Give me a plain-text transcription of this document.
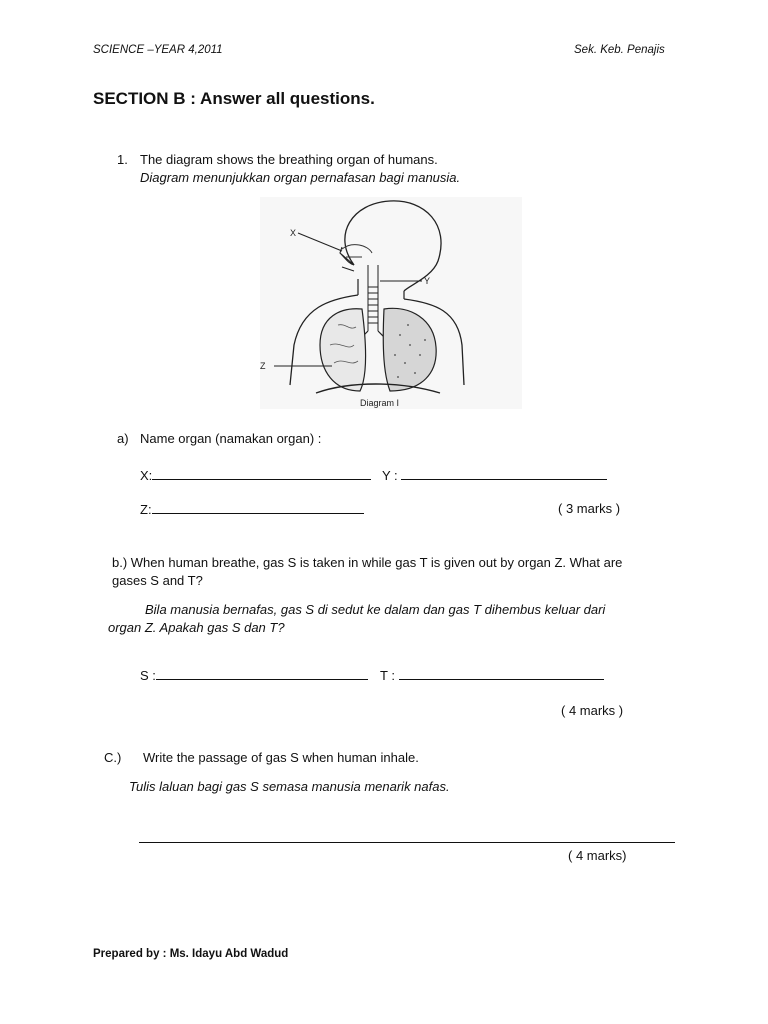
SCIENCE –YEAR 4,2011	Sek. Keb. Penajis
SECTION B : Answer all questions.
1. The diagram shows the breathing organ of humans.
Diagram menunjukkan organ pernafasan bagi manusia.
X
Y
Z
Diagram I
a) Name organ (namakan organ) :
X:	Y :
Z:	( 3 marks )
b.) When human breathe, gas S is taken in while gas T is given out by organ Z. What are
gases S and T?
Bila manusia bernafas, gas S di sedut ke dalam dan gas T dihembus keluar dari
organ Z. Apakah gas S dan T?
S :	T :
( 4 marks )
C.) Write the passage of gas S when human inhale.
Tulis laluan bagi gas S semasa manusia menarik nafas.
( 4 marks)
Prepared by : Ms. Idayu Abd Wadud
